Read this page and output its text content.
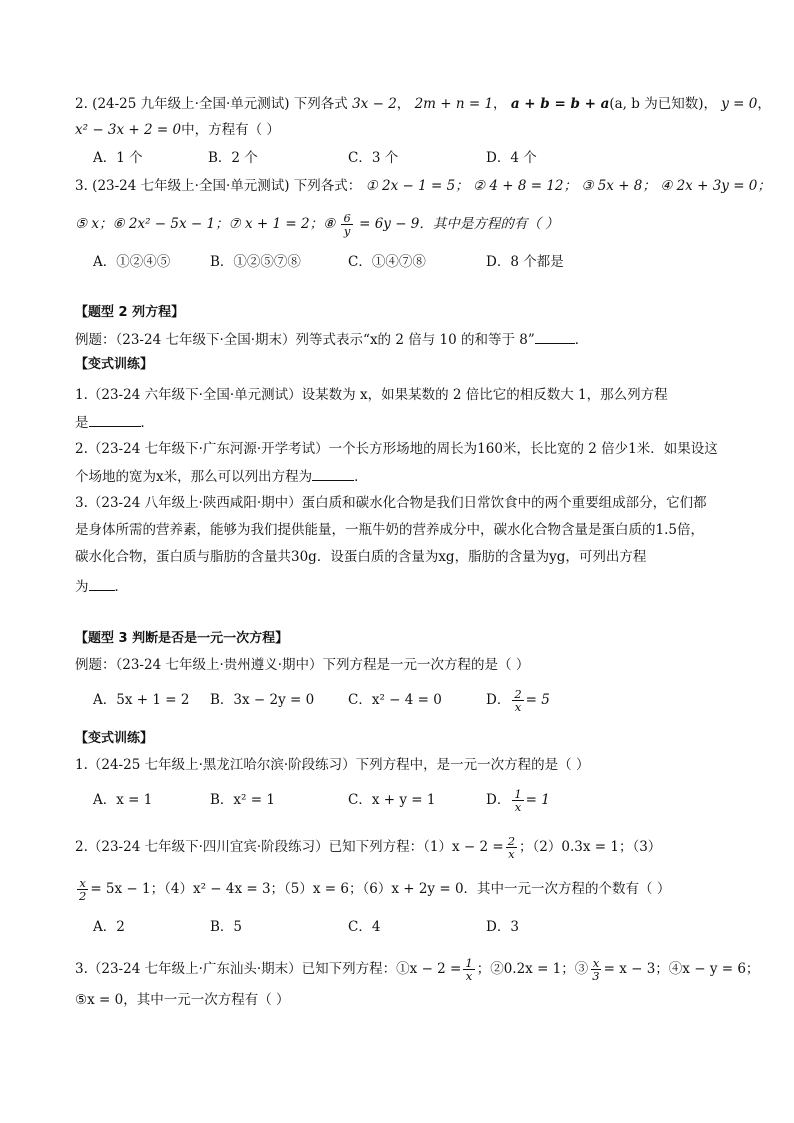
2. (24-25 九年级上·全国·单元测试) 下列各式 3x − 2， 2m + n = 1， a + b = b + a(a, b 为已知数)， y = 0，
x² − 3x + 2 = 0中，方程有（ ）
A．1 个	B．2 个	C．3 个	D．4 个
3. (23-24 七年级上·全国·单元测试) 下列各式： ① 2x − 1 = 5； ② 4 + 8 = 12； ③ 5x + 8； ④ 2x + 3y = 0；
⑤ x；⑥ 2x² − 5x − 1；⑦ x + 1 = 2；⑧ $\frac{6}{y} = 6y - 9$．其中是方程的有（ ）
A．①②④⑤	B．①②⑤⑦⑧	C．①④⑦⑧	D．8 个都是
【题型 2 列方程】
例题：（23-24 七年级下·全国·期末）列等式表示“x的 2 倍与 10 的和等于 8”	．
【变式训练】
1.（23-24 六年级下·全国·单元测试）设某数为 x，如果某数的 2 倍比它的相反数大 1，那么列方程
是	．
2.（23-24 七年级下·广东河源·开学考试）一个长方形场地的周长为160米，长比宽的 2 倍少1米．如果设这
个场地的宽为x米，那么可以列出方程为	．
3.（23-24 八年级上·陕西咸阳·期中）蛋白质和碳水化合物是我们日常饮食中的两个重要组成部分，它们都
是身体所需的营养素，能够为我们提供能量，一瓶牛奶的营养成分中，碳水化合物含量是蛋白质的1.5倍，
碳水化合物，蛋白质与脂肪的含量共30g．设蛋白质的含量为xg，脂肪的含量为yg，可列出方程
为 ．
【题型 3 判断是否是一元一次方程】
例题：（23-24 七年级上·贵州遵义·期中）下列方程是一元一次方程的是（ ）
A．5x + 1 = 2 B．3x − 2y = 0	C．x² − 4 = 0	D． $\frac{2}{x} = 5$
【变式训练】
1.（24-25 七年级上·黑龙江哈尔滨·阶段练习）下列方程中，是一元一次方程的是（ ）
A．x = 1	B．x² = 1	C．x + y = 1	D． $\frac{1}{x} = 1$
2.（23-24 七年级下·四川宜宾·阶段练习）已知下列方程：$(1)x - 2 = \frac{2}{x}$ ；（2）0.3x = 1；（3）
$\frac{x}{2} = 5x - 1$；（4）x² − 4x = 3；（5）x = 6；（6）x + 2y = 0．其中一元一次方程的个数有（ ）
A．2	B．5	C．4	D．3
3.（23-24 七年级上·广东汕头·期末）已知下列方程：①x − $2 = \frac{1}{x}$ ；②0.2x = 1；③ $\frac{x}{3} = x - 3$；④x − y = 6；
⑤x = 0，其中一元一次方程有（ ）
